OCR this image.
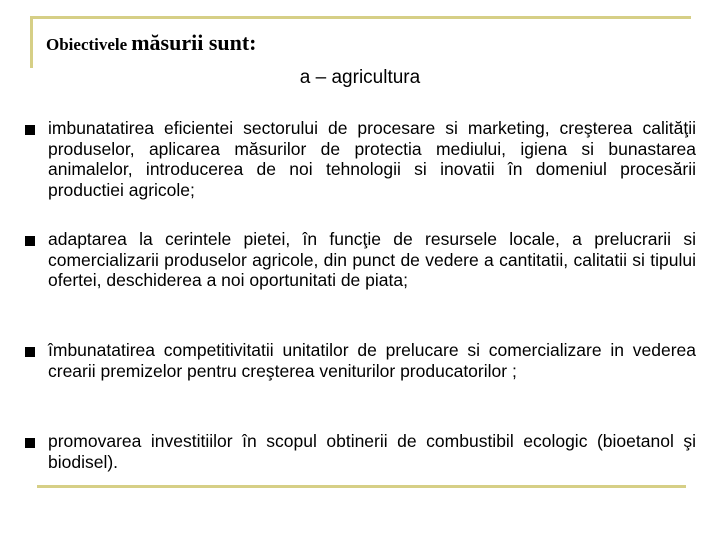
Obiectivele măsurii sunt:
a – agricultura
imbunatatirea eficientei sectorului de procesare si marketing, creşterea calităţii produselor, aplicarea măsurilor de protectia mediului, igiena si bunastarea animalelor, introducerea de noi tehnologii si inovatii în domeniul procesării productiei agricole;
adaptarea la cerintele pietei, în funcţie de resursele locale, a prelucrarii si comercializarii produselor agricole, din punct de vedere a cantitatii, calitatii si tipului ofertei, deschiderea a noi oportunitati de piata;
îmbunatatirea competitivitatii unitatilor de prelucare si comercializare in vederea crearii premizelor pentru creşterea veniturilor producatorilor ;
promovarea investitiilor în scopul obtinerii de combustibil ecologic (bioetanol şi biodisel).
